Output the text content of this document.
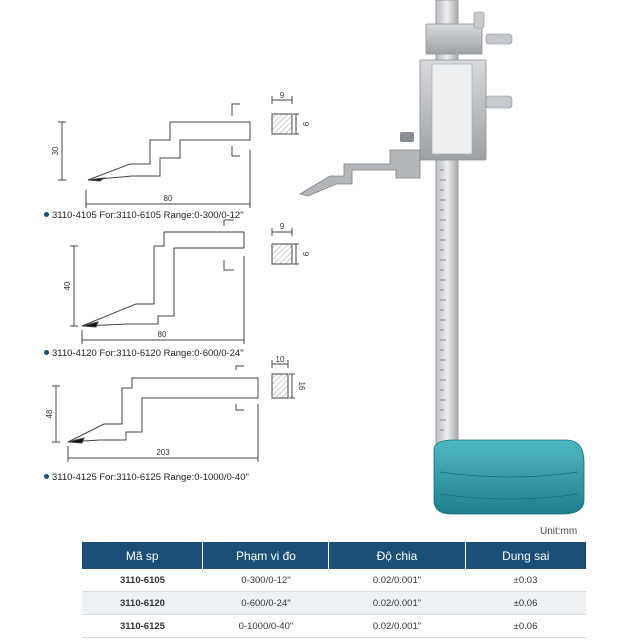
30
80
9
9
40
80
9
9
48
203
10
16
3110-4105 For:3110-6105 Range:0-300/0-12"
3110-4120 For:3110-6120 Range:0-600/0-24"
3110-4125 For:3110-6125 Range:0-1000/0-40"
Unit:mm
Mã sp	Phạm vi đo	Độ chia	Dung sai
3110-6105	0-300/0-12"	0.02/0.001"	±0.03
3110-6120	0-600/0-24"	0.02/0.001"	±0.06
3110-6125	0-1000/0-40"	0.02/0.001"	±0.06
